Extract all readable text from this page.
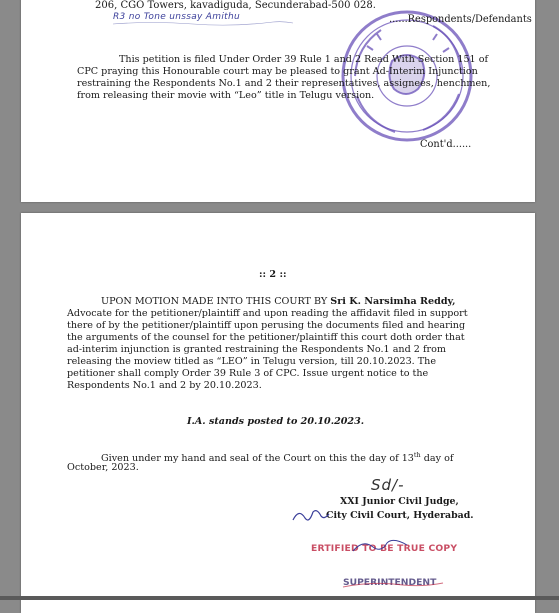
206, CGO Towers, kavadiguda, Secunderabad-500 028.
R3 no Tone unssay Amithu	......Respondents/Defendants
This petition is filed Under Order 39 Rule 1 and 2 Read With Section 151 of
CPC praying this Honourable court may be pleased to grant Ad-Interim Injunction
restraining the Respondents No.1 and 2 their representatives, assignees, henchmen,
from releasing their movie with “Leo” title in Telugu version.
Cont'd......
:: 2 ::
UPON MOTION MADE INTO THIS COURT BY Sri K. Narsimha Reddy,
Advocate for the petitioner/plaintiff and upon reading the affidavit filed in support
there of by the petitioner/plaintiff upon perusing the documents filed and hearing
the arguments of the counsel for the petitioner/plaintiff this court doth order that
ad-interim injunction is granted restraining the Respondents No.1 and 2 from
releasing the moview titled as “LEO” in Telugu version, till 20.10.2023. The
petitioner shall comply Order 39 Rule 3 of CPC. Issue urgent notice to the
Respondents No.1 and 2 by 20.10.2023.
I.A. stands posted to 20.10.2023.
Given under my hand and seal of the Court on this the day of 13th day of
October, 2023.
Sd/-
XXI Junior Civil Judge,
City Civil Court, Hyderabad.
ERTIFIED TO BE TRUE COPY
SUPERINTENDENT
